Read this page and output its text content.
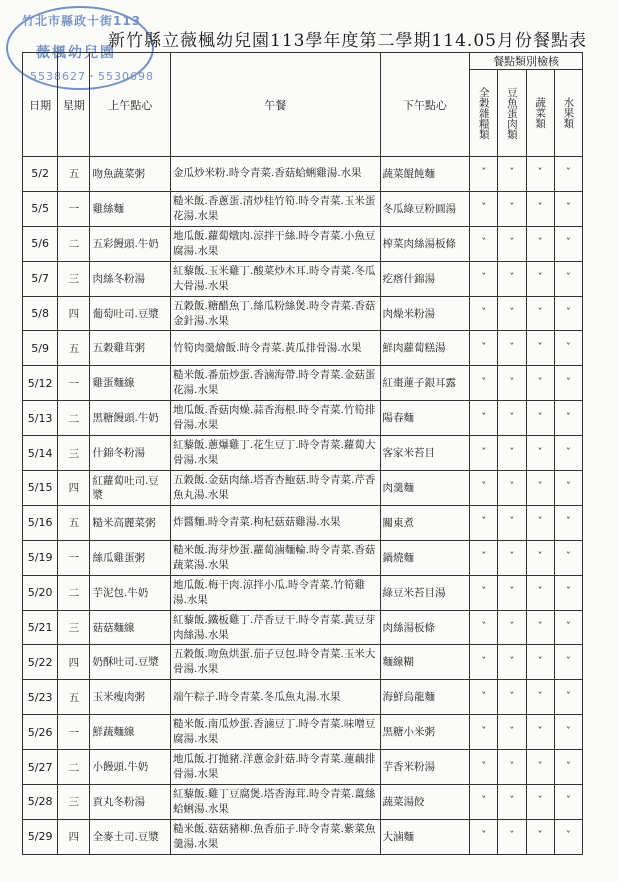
竹北市縣政十街113
薇楓幼兒園
5538627・5530698
新竹縣立薇楓幼兒園113學年度第二學期114.05月份餐點表
日期	星期	上午點心	午餐	下午點心	餐點類別檢核			

					全穀雜糧類	豆魚蛋肉類	蔬菜類	水果類

5/2	五	吻魚蔬菜粥	金瓜炒米粉.時令青菜.香菇蛤蜊雞湯.水果	蔬菜餛飩麵	ˇ	ˇ	ˇ	ˇ
5/5	一	雞絲麵	糙米飯.香蔥蛋.清炒桂竹筍.時令青菜.玉米蛋花湯.水果	冬瓜綠豆粉圓湯	ˇ	ˇ	ˇ	ˇ
5/6	二	五彩饅頭.牛奶	地瓜飯.蘿蔔燉肉.涼拌干絲.時令青菜.小魚豆腐湯.水果	榨菜肉絲湯板條	ˇ	ˇ	ˇ	ˇ
5/7	三	肉絲冬粉湯	紅藜飯.玉米雞丁.酸菜炒木耳.時令青菜.冬瓜大骨湯.水果	疙瘩什錦湯	ˇ	ˇ	ˇ	ˇ
5/8	四	葡萄吐司.豆漿	五穀飯.糖醋魚丁.絲瓜粉絲煲.時令青菜.香菇金針湯.水果	肉燥米粉湯	ˇ	ˇ	ˇ	ˇ
5/9	五	五穀雞茸粥	竹筍肉羹燴飯.時令青菜.黃瓜排骨湯.水果	鮮肉蘿蔔糕湯	ˇ	ˇ	ˇ	ˇ
5/12	一	雞蛋麵線	糙米飯.番茄炒蛋.香滷海帶.時令青菜.金菇蛋花湯.水果	紅棗蓮子銀耳露	ˇ	ˇ	ˇ	ˇ
5/13	二	黑糖饅頭.牛奶	地瓜飯.香菇肉燥.蒜香海根.時令青菜.竹筍排骨湯.水果	陽春麵	ˇ	ˇ	ˇ	ˇ
5/14	三	什錦冬粉湯	紅藜飯.蔥爆雞丁.花生豆丁.時令青菜.蘿蔔大骨湯.水果	客家米苔目	ˇ	ˇ	ˇ	ˇ
5/15	四	紅蘿蔔吐司.豆漿	五穀飯.金菇肉絲.塔香杏鮑菇.時令青菜.芹香魚丸湯.水果	肉羹麵	ˇ	ˇ	ˇ	ˇ
5/16	五	糙米高麗菜粥	炸醬麵.時令青菜.枸杞菇菇雞湯.水果	關東煮	ˇ	ˇ	ˇ	ˇ
5/19	一	絲瓜雞蛋粥	糙米飯.海芽炒蛋.蘿蔔滷麵輪.時令青菜.香菇蔬菜湯.水果	鍋燒麵	ˇ	ˇ	ˇ	ˇ
5/20	二	芋泥包.牛奶	地瓜飯.梅干肉.涼拌小瓜.時令青菜.竹筍雞湯.水果	綠豆米苔目湯	ˇ	ˇ	ˇ	ˇ
5/21	三	菇菇麵線	紅藜飯.鐵板雞丁.芹香豆干.時令青菜.黃豆芽肉絲湯.水果	肉絲湯板條	ˇ	ˇ	ˇ	ˇ
5/22	四	奶酥吐司.豆漿	五穀飯.吻魚烘蛋.茄子豆包.時令青菜.玉米大骨湯.水果	麵線糊	ˇ	ˇ	ˇ	ˇ
5/23	五	玉米瘦肉粥	端午粽子.時令青菜.冬瓜魚丸湯.水果	海鮮烏龍麵	ˇ	ˇ	ˇ	ˇ
5/26	一	鮮蔬麵線	糙米飯.南瓜炒蛋.香滷豆丁.時令青菜.味噌豆腐湯.水果	黑糖小米粥	ˇ	ˇ	ˇ	ˇ
5/27	二	小饅頭.牛奶	地瓜飯.打拋豬.洋蔥金針菇.時令青菜.蓮藕排骨湯.水果	芋香米粉湯	ˇ	ˇ	ˇ	ˇ
5/28	三	貢丸冬粉湯	紅藜飯.雞丁豆腐煲.塔香海茸.時令青菜.薑絲蛤蜊湯.水果	蔬菜湯餃	ˇ	ˇ	ˇ	ˇ
5/29	四	全麥土司.豆漿	糙米飯.菇菇豬柳.魚香茄子.時令青菜.紫菜魚羹湯.水果	大滷麵	ˇ	ˇ	ˇ	ˇ
